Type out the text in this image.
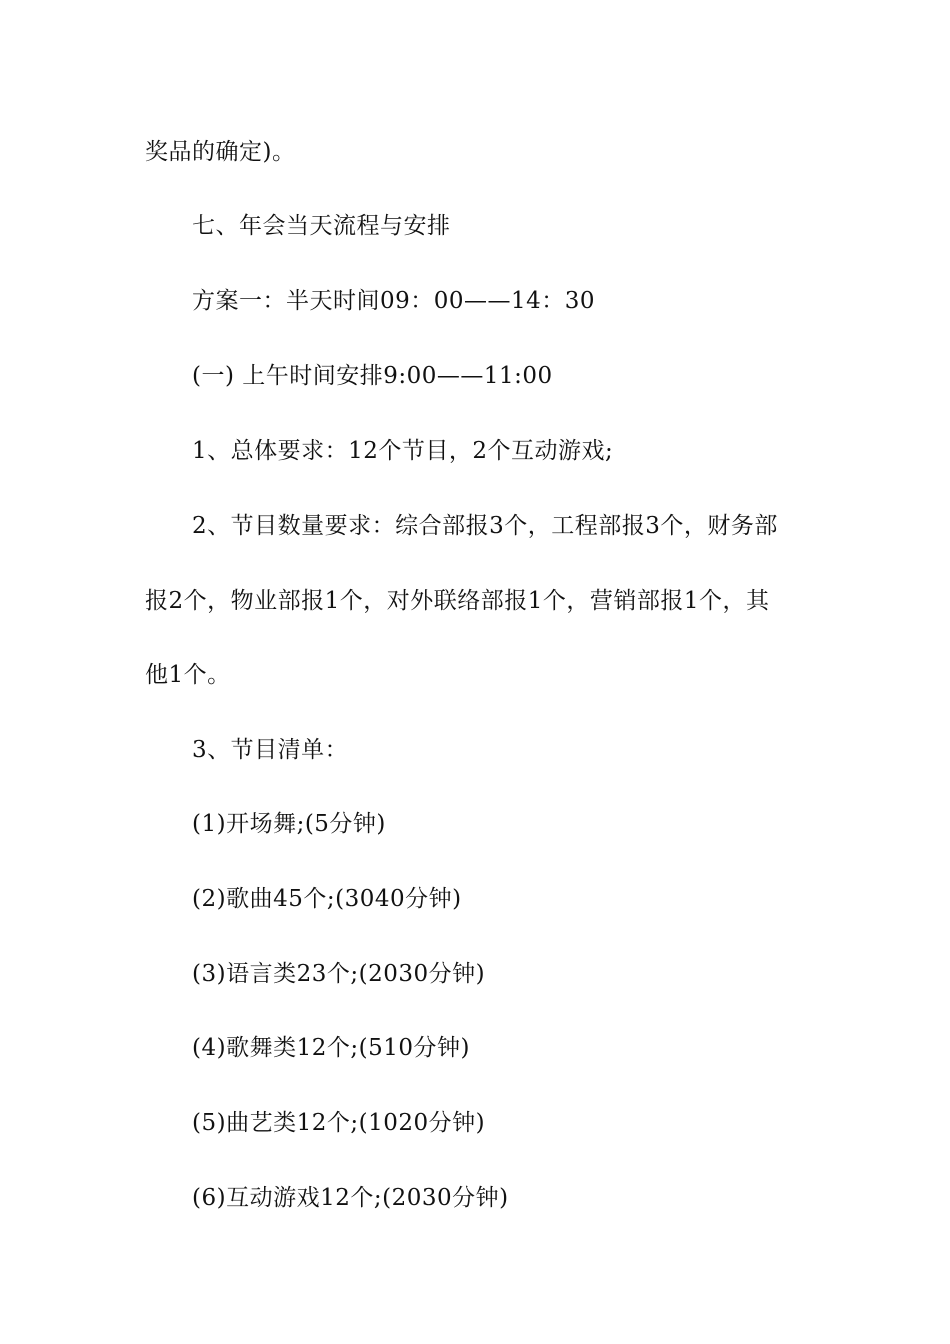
奖品的确定)。
七、年会当天流程与安排
方案一：半天时间09：00——14：30
(一) 上午时间安排9:00——11:00
1、总体要求：12个节目，2个互动游戏;
2、节目数量要求：综合部报3个，工程部报3个，财务部
报2个，物业部报1个，对外联络部报1个，营销部报1个，其
他1个。
3、节目清单：
(1)开场舞;(5分钟)
(2)歌曲45个;(3040分钟)
(3)语言类23个;(2030分钟)
(4)歌舞类12个;(510分钟)
(5)曲艺类12个;(1020分钟)
(6)互动游戏12个;(2030分钟)
